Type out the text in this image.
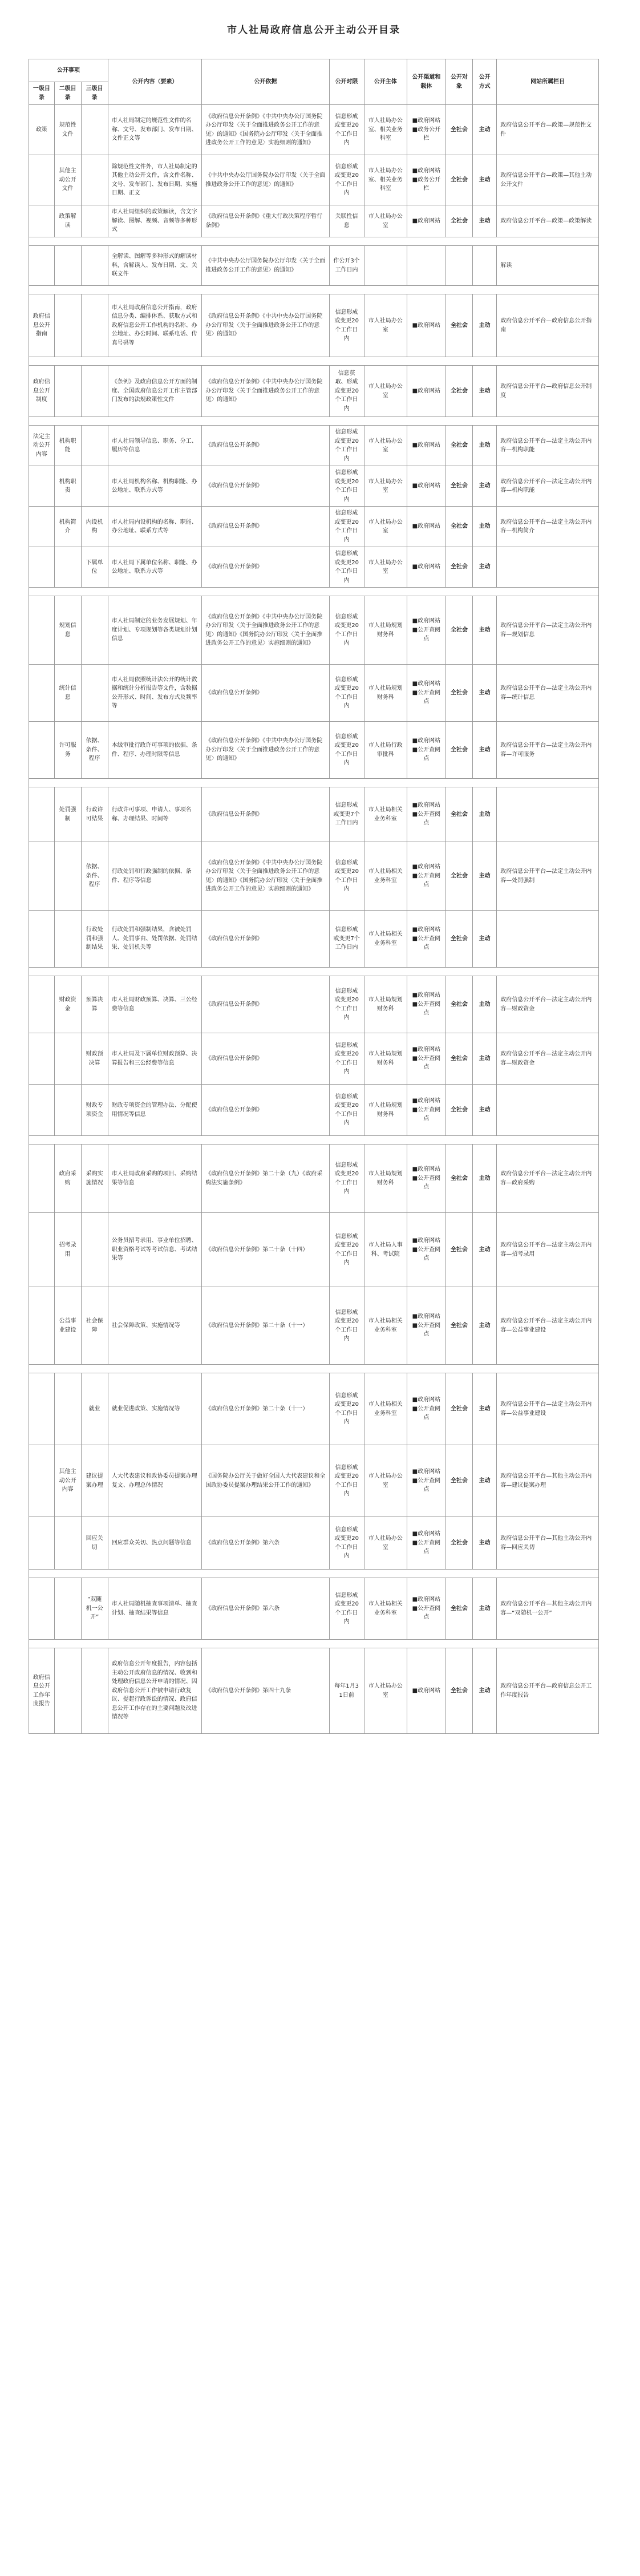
市人社局政府信息公开主动公开目录
公开事项			公开内容（要素）	公开依据	公开时限	公开主体	公开渠道和载体	公开对象	公开方式	网站所属栏目
一级目录	二级目录	三级目录								
政策	规范性文件		市人社局制定的规范性文件的名称、文号、发布部门、发布日期、文件正文等	《政府信息公开条例》《中共中央办公厅国务院办公厅印发〈关于全面推进政务公开工作的意见〉的通知》《国务院办公厅印发〈关于全面推进政务公开工作的意见〉实施细则的通知》	信息形成或变更20个工作日内	市人社局办公室、相关业务科室	■政府网站 ■政务公开栏	全社会	主动	政府信息公开平台—政策—规范性文件
	其他主动公开文件		除规范性文件外，市人社局制定的其他主动公开文件，含文件名称、文号、发布部门、发布日期、实施日期、正文	《中共中央办公厅国务院办公厅印发〈关于全面推进政务公开工作的意见〉的通知》	信息形成或变更20个工作日内	市人社局办公室、相关业务科室	■政府网站 ■政务公开栏	全社会	主动	政府信息公开平台—政策—其他主动公开文件
	政策解读		市人社局组织的政策解读，含文字解读、图解、视频、音频等多种形式	《政府信息公开条例》《重大行政决策程序暂行条例》	关联性信息	市人社局办公室	■政府网站	全社会	主动	政府信息公开平台—政策—政策解读

			全解读、图解等多种形式的解读材料，含解读人、发布日期、文、关联文件	《中共中央办公厅国务院办公厅印发〈关于全面推进政务公开工作的意见〉的通知》	作公开3个工作日内					解读

政府信息公开指南			市人社局政府信息公开指南，政府信息分类、编排体系、获取方式和政府信息公开工作机构的名称、办公地址、办公时间、联系电话、传真号码等	《政府信息公开条例》《中共中央办公厅国务院办公厅印发〈关于全面推进政务公开工作的意见〉的通知》	信息形成或变更20个工作日内	市人社局办公室	■政府网站	全社会	主动	政府信息公开平台—政府信息公开指南

政府信息公开制度			《条例》及政府信息公开方面的制度、全国政府信息公开工作主管部门发布的法规政策性文件	《政府信息公开条例》《中共中央办公厅国务院办公厅印发〈关于全面推进政务公开工作的意见〉的通知》	信息获取、形成或变更20个工作日内	市人社局办公室	■政府网站	全社会	主动	政府信息公开平台—政府信息公开制度

法定主动公开内容	机构职能		市人社局领导信息、职务、分工、履历等信息	《政府信息公开条例》	信息形成或变更20个工作日内	市人社局办公室	■政府网站	全社会	主动	政府信息公开平台—法定主动公开内容—机构职能
	机构职责		市人社局机构名称、机构职能、办公地址、联系方式等	《政府信息公开条例》	信息形成或变更20个工作日内	市人社局办公室	■政府网站	全社会	主动	政府信息公开平台—法定主动公开内容—机构职能
	机构简介	内设机构	市人社局内设机构的名称、职能、办公地址、联系方式等	《政府信息公开条例》	信息形成或变更20个工作日内	市人社局办公室	■政府网站	全社会	主动	政府信息公开平台—法定主动公开内容—机构简介
		下属单位	市人社局下属单位名称、职能、办公地址、联系方式等	《政府信息公开条例》	信息形成或变更20个工作日内	市人社局办公室	■政府网站	全社会	主动	

	规划信息		市人社局制定的业务发展规划、年度计划、专项规划等各类规划计划信息	《政府信息公开条例》《中共中央办公厅国务院办公厅印发〈关于全面推进政务公开工作的意见〉的通知》《国务院办公厅印发〈关于全面推进政务公开工作的意见〉实施细则的通知》	信息形成或变更20个工作日内	市人社局规划财务科	■政府网站 ■公开查阅点	全社会	主动	政府信息公开平台—法定主动公开内容—规划信息
	统计信息		市人社局依照统计法公开的统计数据和统计分析报告等文件，含数据公开形式、时间、发布方式及频率等	《政府信息公开条例》	信息形成或变更20个工作日内	市人社局规划财务科	■政府网站 ■公开查阅点	全社会	主动	政府信息公开平台—法定主动公开内容—统计信息
	许可服务	依据、条件、程序	本级审批行政许可事项的依据、条件、程序、办理时限等信息	《政府信息公开条例》《中共中央办公厅国务院办公厅印发〈关于全面推进政务公开工作的意见〉的通知》	信息形成或变更20个工作日内	市人社局行政审批科	■政府网站 ■公开查阅点	全社会	主动	政府信息公开平台—法定主动公开内容—许可服务

	处罚强制	行政许可结果	行政许可事项、申请人、事项名称、办理结果、时间等	《政府信息公开条例》	信息形成或变更7个工作日内	市人社局相关业务科室	■政府网站 ■公开查阅点	全社会	主动	
		依据、条件、程序	行政处罚和行政强制的依据、条件、程序等信息	《政府信息公开条例》《中共中央办公厅国务院办公厅印发〈关于全面推进政务公开工作的意见〉的通知》《国务院办公厅印发〈关于全面推进政务公开工作的意见〉实施细则的通知》	信息形成或变更20个工作日内	市人社局相关业务科室	■政府网站 ■公开查阅点	全社会	主动	政府信息公开平台—法定主动公开内容—处罚强制
		行政处罚和强制结果	行政处罚和强制结果，含被处罚人、处罚事由、处罚依据、处罚结果、处罚机关等	《政府信息公开条例》	信息形成或变更7个工作日内	市人社局相关业务科室	■政府网站 ■公开查阅点	全社会	主动	

	财政资金	预算决算	市人社局财政预算、决算、三公经费等信息	《政府信息公开条例》	信息形成或变更20个工作日内	市人社局规划财务科	■政府网站 ■公开查阅点	全社会	主动	政府信息公开平台—法定主动公开内容—财政资金
		财政预决算	市人社局及下属单位财政预算、决算报告和三公经费等信息	《政府信息公开条例》	信息形成或变更20个工作日内	市人社局规划财务科	■政府网站 ■公开查阅点	全社会	主动	政府信息公开平台—法定主动公开内容—财政资金
		财政专项资金	财政专项资金的管理办法、分配使用情况等信息	《政府信息公开条例》	信息形成或变更20个工作日内	市人社局规划财务科	■政府网站 ■公开查阅点	全社会	主动	

	政府采购	采购实施情况	市人社局政府采购的项目、采购结果等信息	《政府信息公开条例》第二十条（九）《政府采购法实施条例》	信息形成或变更20个工作日内	市人社局规划财务科	■政府网站 ■公开查阅点	全社会	主动	政府信息公开平台—法定主动公开内容—政府采购
	招考录用		公务员招考录用、事业单位招聘、职业资格考试等考试信息、考试结果等	《政府信息公开条例》第二十条（十四）	信息形成或变更20个工作日内	市人社局人事科、考试院	■政府网站 ■公开查阅点	全社会	主动	政府信息公开平台—法定主动公开内容—招考录用
	公益事业建设	社会保障	社会保障政策、实施情况等	《政府信息公开条例》第二十条（十一）	信息形成或变更20个工作日内	市人社局相关业务科室	■政府网站 ■公开查阅点	全社会	主动	政府信息公开平台—法定主动公开内容—公益事业建设

		就业	就业促进政策、实施情况等	《政府信息公开条例》第二十条（十一）	信息形成或变更20个工作日内	市人社局相关业务科室	■政府网站 ■公开查阅点	全社会	主动	政府信息公开平台—法定主动公开内容—公益事业建设
	其他主动公开内容	建议提案办理	人大代表建议和政协委员提案办理复文、办理总体情况	《国务院办公厅关于做好全国人大代表建议和全国政协委员提案办理结果公开工作的通知》	信息形成或变更20个工作日内	市人社局办公室	■政府网站 ■公开查阅点	全社会	主动	政府信息公开平台—其他主动公开内容—建议提案办理
		回应关切	回应群众关切、热点问题等信息	《政府信息公开条例》第六条	信息形成或变更20个工作日内	市人社局办公室	■政府网站 ■公开查阅点	全社会	主动	政府信息公开平台—其他主动公开内容—回应关切

		“双随机一公开”	市人社局随机抽查事项清单、抽查计划、抽查结果等信息	《政府信息公开条例》第六条	信息形成或变更20个工作日内	市人社局相关业务科室	■政府网站 ■公开查阅点	全社会	主动	政府信息公开平台—其他主动公开内容—“双随机一公开”

政府信息公开工作年度报告			政府信息公开年度报告，内容包括主动公开政府信息的情况、收到和处理政府信息公开申请的情况、因政府信息公开工作被申请行政复议、提起行政诉讼的情况、政府信息公开工作存在的主要问题及改进情况等	《政府信息公开条例》第四十九条	每年1月31日前	市人社局办公室	■政府网站	全社会	主动	政府信息公开平台—政府信息公开工作年度报告
